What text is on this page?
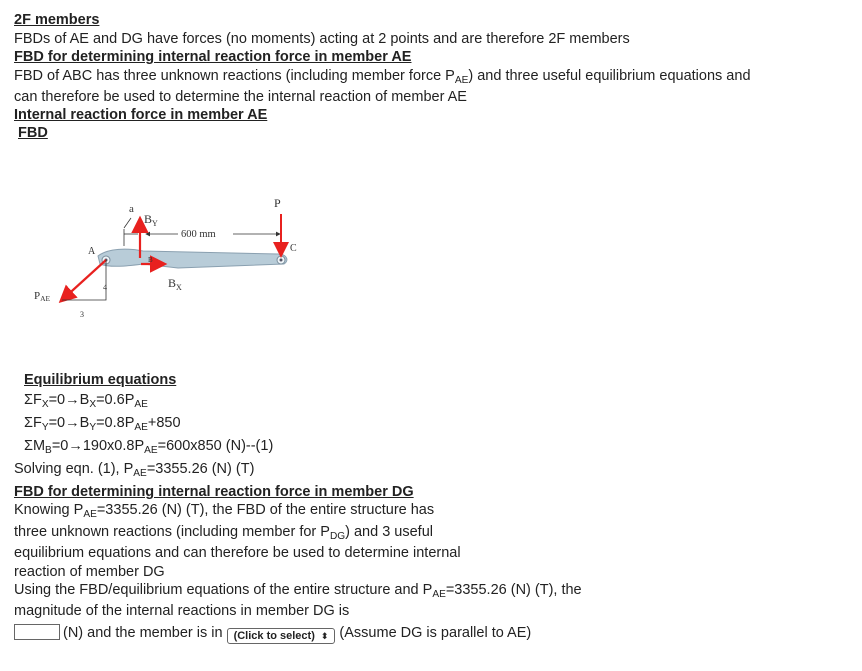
2F members
FBDs of AE and DG have forces (no moments) acting at 2 points and are therefore 2F members
FBD for determining internal reaction force in member AE
FBD of ABC has three unknown reactions (including member force $P_{AE}$) and three useful equilibrium equations and
can therefore be used to determine the internal reaction of member AE
Internal reaction force in member AE
FBD
600 mm
a
$B_Y$
B
$B_X$
P
C
A
4
3
PAE
Equilibrium equations
$\Sigma F_X=0\to B_X=0.6P_{AE}$
$\Sigma F_Y=0\to B_Y=0.8P_{AE}+850$
$\Sigma M_B=0\to 190x0.8P_{AE}=600x850$ (N)--(1)
Solving eqn. (1), $P_{AE}=3355.26$ (N) (T)
FBD for determining internal reaction force in member DG
Knowing $P_{AE}=3355.26$ (N) (T), the FBD of the entire structure has
three unknown reactions (including member for $P_{DG}$) and 3 useful
equilibrium equations and can therefore be used to determine internal
reaction of member DG
Using the FBD/equilibrium equations of the entire structure and $P_{AE}=3355.26$ (N) (T), the
magnitude of the internal reactions in member DG is
(N) and the member is in (Click to select) ⬍ (Assume DG is parallel to AE)
